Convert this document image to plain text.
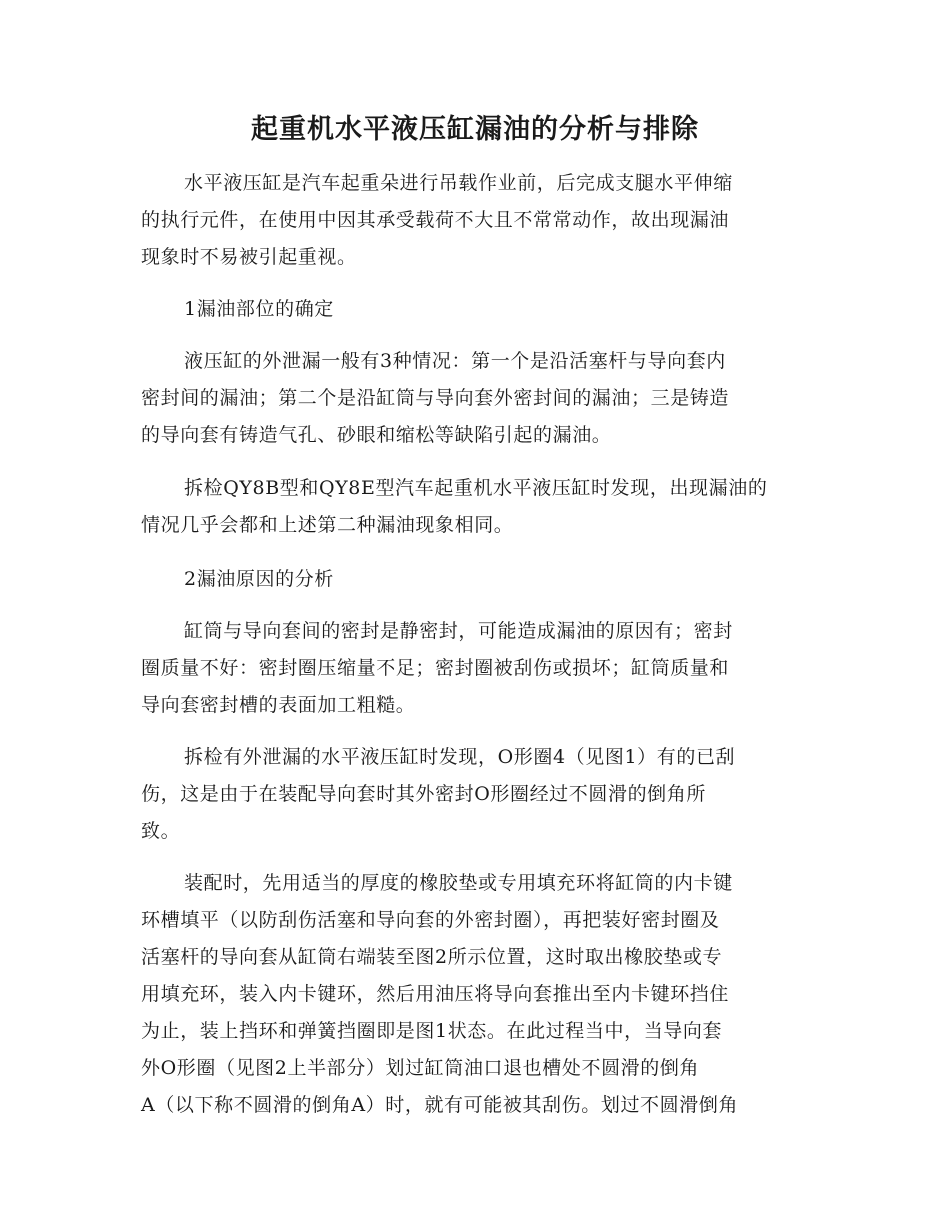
起重机水平液压缸漏油的分析与排除
水平液压缸是汽车起重朵进行吊载作业前，后完成支腿水平伸缩
的执行元件，在使用中因其承受载荷不大且不常常动作，故出现漏油
现象时不易被引起重视。
1漏油部位的确定
液压缸的外泄漏一般有3种情况：第一个是沿活塞杆与导向套内
密封间的漏油；第二个是沿缸筒与导向套外密封间的漏油；三是铸造
的导向套有铸造气孔、砂眼和缩松等缺陷引起的漏油。
拆检QY8B型和QY8E型汽车起重机水平液压缸时发现，出现漏油的
情况几乎会都和上述第二种漏油现象相同。
2漏油原因的分析
缸筒与导向套间的密封是静密封，可能造成漏油的原因有；密封
圈质量不好：密封圈压缩量不足；密封圈被刮伤或损坏；缸筒质量和
导向套密封槽的表面加工粗糙。
拆检有外泄漏的水平液压缸时发现，O形圈4（见图1）有的已刮
伤，这是由于在装配导向套时其外密封O形圈经过不圆滑的倒角所
致。
装配时，先用适当的厚度的橡胶垫或专用填充环将缸筒的内卡键
环槽填平（以防刮伤活塞和导向套的外密封圈），再把装好密封圈及
活塞杆的导向套从缸筒右端装至图2所示位置，这时取出橡胶垫或专
用填充环，装入内卡键环，然后用油压将导向套推出至内卡键环挡住
为止，装上挡环和弹簧挡圈即是图1状态。在此过程当中，当导向套
外O形圈（见图2上半部分）划过缸筒油口退也槽处不圆滑的倒角
A（以下称不圆滑的倒角A）时，就有可能被其刮伤。划过不圆滑倒角
